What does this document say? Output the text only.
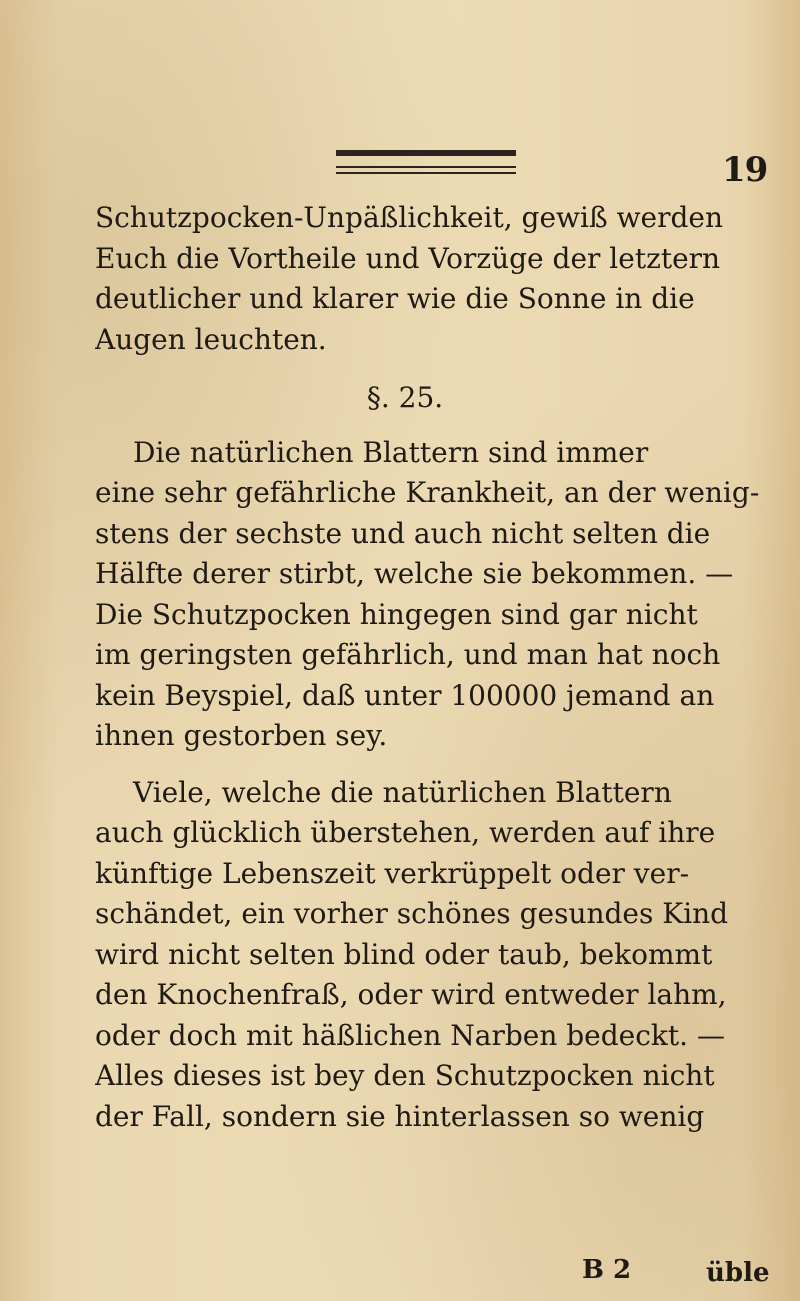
19
Schutzpocken-Unpäßlichkeit, gewiß werden
Euch die Vortheile und Vorzüge der letztern
deutlicher und klarer wie die Sonne in die
Augen leuchten.
§. 25.
Die natürlichen Blattern sind immer
eine sehr gefährliche Krankheit, an der wenig-
stens der sechste und auch nicht selten die
Hälfte derer stirbt, welche sie bekommen. —
Die Schutzpocken hingegen sind gar nicht
im geringsten gefährlich, und man hat noch
kein Beyspiel, daß unter 100000 jemand an
ihnen gestorben sey.
Viele, welche die natürlichen Blattern
auch glücklich überstehen, werden auf ihre
künftige Lebenszeit verkrüppelt oder ver-
schändet, ein vorher schönes gesundes Kind
wird nicht selten blind oder taub, bekommt
den Knochenfraß, oder wird entweder lahm,
oder doch mit häßlichen Narben bedeckt. —
Alles dieses ist bey den Schutzpocken nicht
der Fall, sondern sie hinterlassen so wenig
B 2	üble
